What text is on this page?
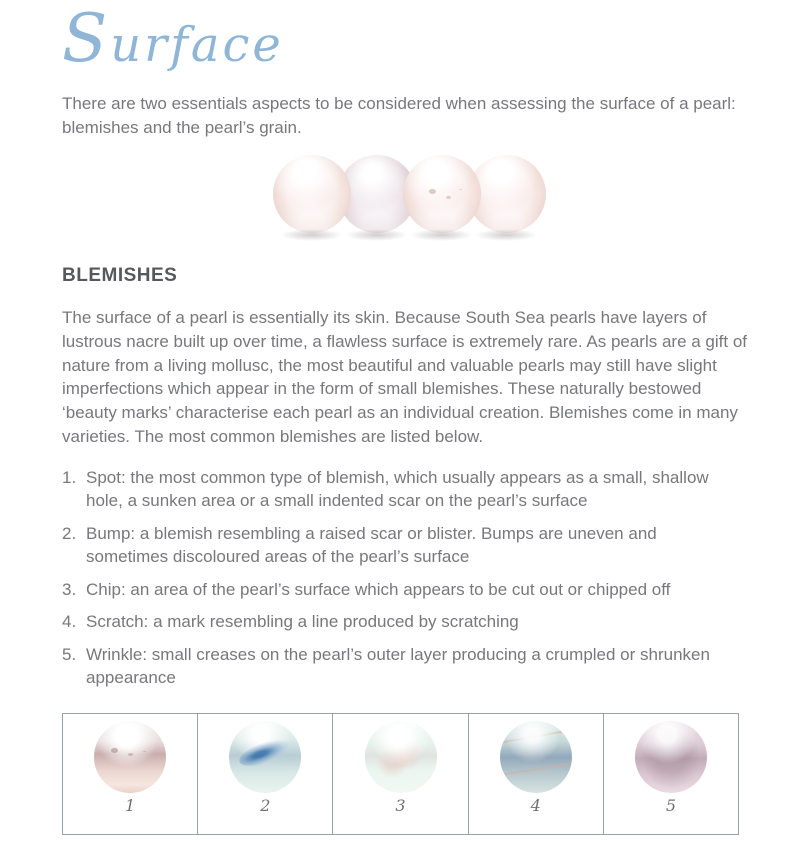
Surface

There are two essentials aspects to be considered when assessing the surface of a pearl: blemishes and the pearl’s grain.

BLEMISHES

The surface of a pearl is essentially its skin. Because South Sea pearls have layers of lustrous nacre built up over time, a flawless surface is extremely rare. As pearls are a gift of nature from a living mollusc, the most beautiful and valuable pearls may still have slight imperfections which appear in the form of small blemishes. These naturally bestowed ‘beauty marks’ characterise each pearl as an individual creation. Blemishes come in many varieties. The most common blemishes are listed below.

1. Spot: the most common type of blemish, which usually appears as a small, shallow hole, a sunken area or a small indented scar on the pearl’s surface
2. Bump: a blemish resembling a raised scar or blister. Bumps are uneven and sometimes discoloured areas of the pearl’s surface
3. Chip: an area of the pearl’s surface which appears to be cut out or chipped off
4. Scratch: a mark resembling a line produced by scratching
5. Wrinkle: small creases on the pearl’s outer layer producing a crumpled or shrunken appearance
1	2	3	4	5
